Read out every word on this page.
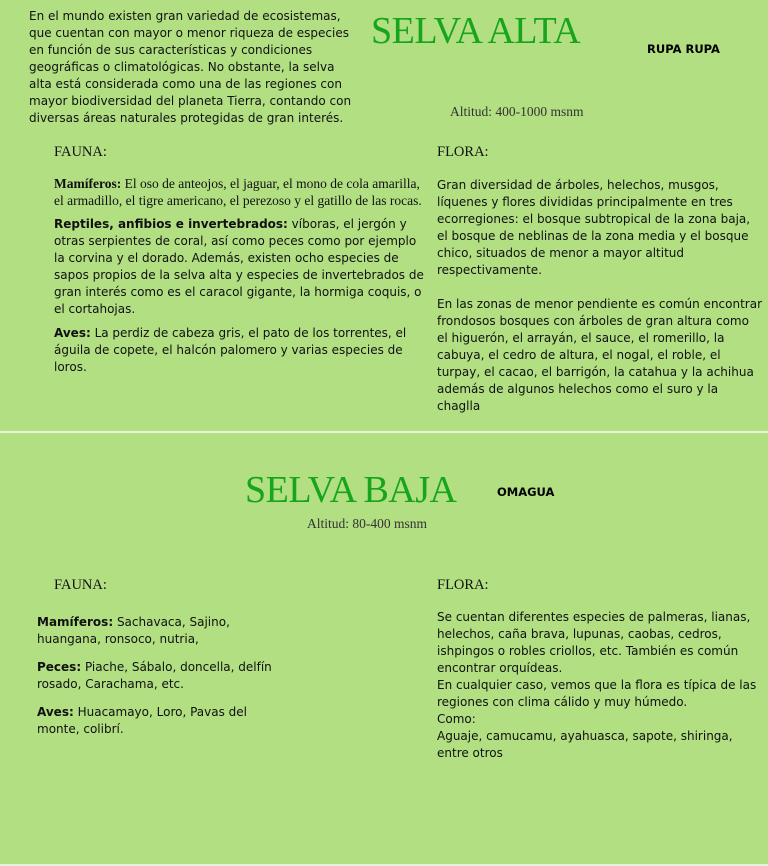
En el mundo existen gran variedad de ecosistemas, que cuentan con mayor o menor riqueza de especies en función de sus características y condiciones geográficas o climatológicas. No obstante, la selva alta está considerada como una de las regiones con mayor biodiversidad del planeta Tierra, contando con diversas áreas naturales protegidas de gran interés.

SELVA ALTA	RUPA RUPA
Altitud: 400-1000 msnm
FAUNA:

Mamíferos: El oso de anteojos, el jaguar, el mono de cola amarilla, el armadillo, el tigre americano, el perezoso y el gatillo de las rocas.

Reptiles, anfibios e invertebrados: víboras, el jergón y otras serpientes de coral, así como peces como por ejemplo la corvina y el dorado. Además, existen ocho especies de sapos propios de la selva alta y especies de invertebrados de gran interés como es el caracol gigante, la hormiga coquis, o el cortahojas.

Aves: La perdiz de cabeza gris, el pato de los torrentes, el águila de copete, el halcón palomero y varias especies de loros.

FLORA:

Gran diversidad de árboles, helechos, musgos, líquenes y flores divididas principalmente en tres ecorregiones: el bosque subtropical de la zona baja, el bosque de neblinas de la zona media y el bosque chico, situados de menor a mayor altitud respectivamente.

En las zonas de menor pendiente es común encontrar frondosos bosques con árboles de gran altura como el higuerón, el arrayán, el sauce, el romerillo, la cabuya, el cedro de altura, el nogal, el roble, el turpay, el cacao, el barrigón, la catahua y la achihua además de algunos helechos como el suro y la chaglla

SELVA BAJA	OMAGUA
Altitud: 80-400 msnm
FAUNA:

Mamíferos: Sachavaca, Sajino, huangana, ronsoco, nutria,

Peces: Piache, Sábalo, doncella, delfín rosado, Carachama, etc.

Aves: Huacamayo, Loro, Pavas del monte, colibrí.

FLORA:

Se cuentan diferentes especies de palmeras, lianas, helechos, caña brava, lupunas, caobas, cedros, ishpingos o robles criollos, etc. También es común encontrar orquídeas.

En cualquier caso, vemos que la flora es típica de las regiones con clima cálido y muy húmedo.

Como:

Aguaje, camucamu, ayahuasca, sapote, shiringa, entre otros
